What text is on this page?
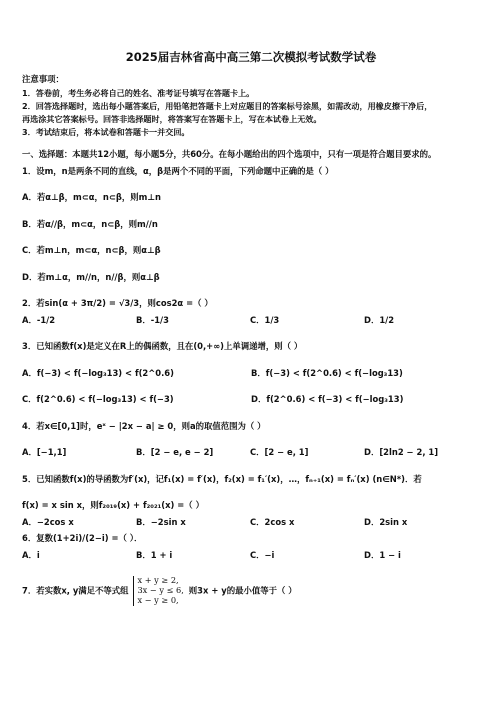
2025届吉林省高中高三第二次模拟考试数学试卷
注意事项：
1．答卷前，考生务必将自己的姓名、准考证号填写在答题卡上。
2．回答选择题时，选出每小题答案后，用铅笔把答题卡上对应题目的答案标号涂黑，如需改动，用橡皮擦干净后，
再选涂其它答案标号。回答非选择题时，将答案写在答题卡上，写在本试卷上无效。
3．考试结束后，将本试卷和答题卡一并交回。
一、选择题：本题共12小题，每小题5分，共60分。在每小题给出的四个选项中，只有一项是符合题目要求的。
1．设m，n是两条不同的直线，α，β是两个不同的平面，下列命题中正确的是（ ）
A．若α⊥β，m⊂α，n⊂β，则m⊥n
B．若α//β，m⊂α，n⊂β，则m//n
C．若m⊥n，m⊂α，n⊂β，则α⊥β
D．若m⊥α，m//n，n//β，则α⊥β
2．若sin(α + 3π/2) = √3/3，则cos2α =（ ）
A．-1/2	B．-1/3	C．1/3	D．1/2
3．已知函数f(x)是定义在R上的偶函数，且在(0,+∞)上单调递增，则（ ）
A．f(−3) < f(−log₃13) < f(2^0.6)	B．f(−3) < f(2^0.6) < f(−log₃13)
C．f(2^0.6) < f(−log₃13) < f(−3)	D．f(2^0.6) < f(−3) < f(−log₃13)
4．若x∈[0,1]时，eˣ − |2x − a| ≥ 0，则a的取值范围为（ ）
A．[−1,1]	B．[2 − e, e − 2]	C．[2 − e, 1]	D．[2ln2 − 2, 1]
5．已知函数f(x)的导函数为f′(x)，记f₁(x) = f′(x)，f₂(x) = f₁′(x)，…，fₙ₊₁(x) = fₙ′(x) (n∈N*)．若
f(x) = x sin x，则f₂₀₁₉(x) + f₂₀₂₁(x) =（ ）
A．−2cos x	B．−2sin x	C．2cos x	D．2sin x
6．复数(1+2i)/(2−i) =（ ）．
A．i	B．1 + i	C．−i	D．1 − i
7．若实数x, y满足不等式组
x + y ≥ 2,
3x − y ≤ 6,
x − y ≥ 0,
则3x + y的最小值等于（ ）
